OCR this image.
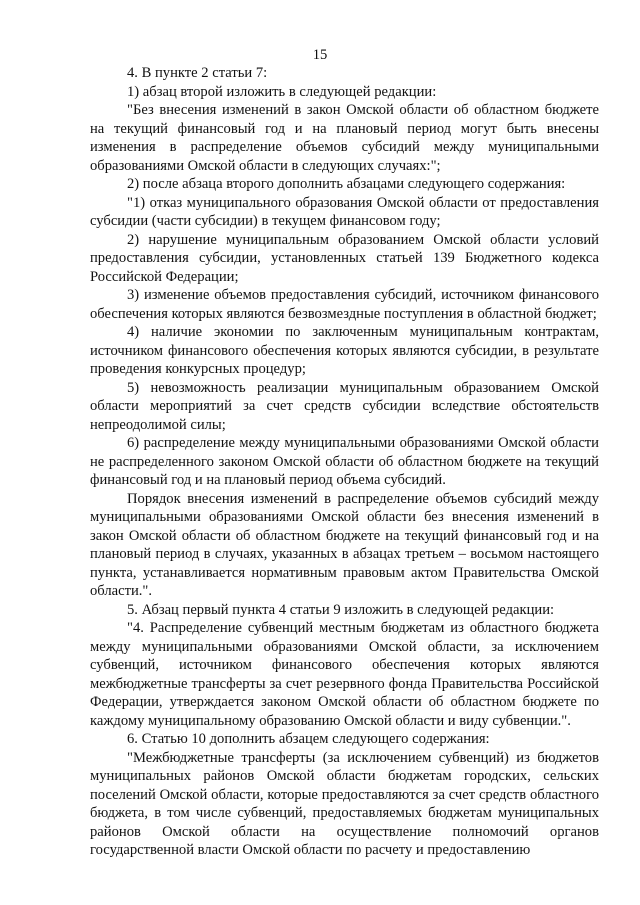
15

4. В пункте 2 статьи 7:

1) абзац второй изложить в следующей редакции:

"Без внесения изменений в закон Омской области об областном бюджете на текущий финансовый год и на плановый период могут быть внесены изменения в распределение объемов субсидий между муниципальными образованиями Омской области в следующих случаях:";

2) после абзаца второго дополнить абзацами следующего содержания:

"1) отказ муниципального образования Омской области от предоставления субсидии (части субсидии) в текущем финансовом году;

2) нарушение муниципальным образованием Омской области условий предоставления субсидии, установленных статьей 139 Бюджетного кодекса Российской Федерации;

3) изменение объемов предоставления субсидий, источником финансового обеспечения которых являются безвозмездные поступления в областной бюджет;

4) наличие экономии по заключенным муниципальным контрактам, источником финансового обеспечения которых являются субсидии, в результате проведения конкурсных процедур;

5) невозможность реализации муниципальным образованием Омской области мероприятий за счет средств субсидии вследствие обстоятельств непреодолимой силы;

6) распределение между муниципальными образованиями Омской области не распределенного законом Омской области об областном бюджете на текущий финансовый год и на плановый период объема субсидий.

Порядок внесения изменений в распределение объемов субсидий между муниципальными образованиями Омской области без внесения изменений в закон Омской области об областном бюджете на текущий финансовый год и на плановый период в случаях, указанных в абзацах третьем – восьмом настоящего пункта, устанавливается нормативным правовым актом Правительства Омской области.".

5. Абзац первый пункта 4 статьи 9 изложить в следующей редакции:

"4. Распределение субвенций местным бюджетам из областного бюджета между муниципальными образованиями Омской области, за исключением субвенций, источником финансового обеспечения которых являются межбюджетные трансферты за счет резервного фонда Правительства Российской Федерации, утверждается законом Омской области об областном бюджете по каждому муниципальному образованию Омской области и виду субвенции.".

6. Статью 10 дополнить абзацем следующего содержания:

"Межбюджетные трансферты (за исключением субвенций) из бюджетов муниципальных районов Омской области бюджетам городских, сельских поселений Омской области, которые предоставляются за счет средств областного бюджета, в том числе субвенций, предоставляемых бюджетам муниципальных районов Омской области на осуществление полномочий органов государственной власти Омской области по расчету и предоставлению
